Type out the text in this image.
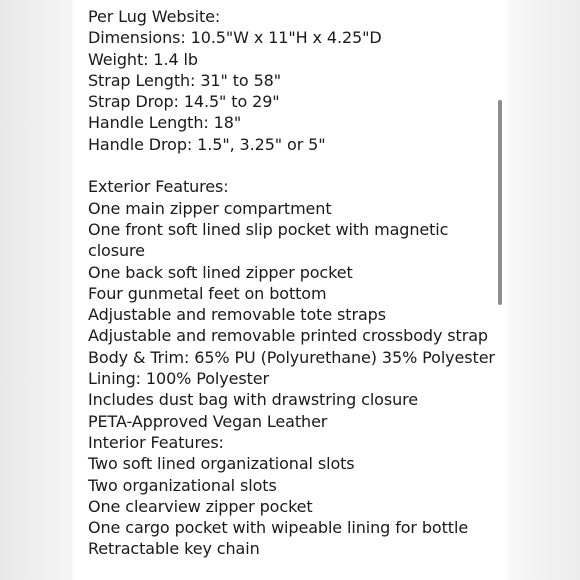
Per Lug Website:
Dimensions: 10.5"W x 11"H x 4.25"D
Weight: 1.4 lb
Strap Length: 31" to 58"
Strap Drop: 14.5" to 29"
Handle Length: 18"
Handle Drop: 1.5", 3.25" or 5"
Exterior Features:
One main zipper compartment
One front soft lined slip pocket with magnetic closure
One back soft lined zipper pocket
Four gunmetal feet on bottom
Adjustable and removable tote straps
Adjustable and removable printed crossbody strap
Body & Trim: 65% PU (Polyurethane) 35% Polyester
Lining: 100% Polyester
Includes dust bag with drawstring closure
PETA-Approved Vegan Leather
Interior Features:
Two soft lined organizational slots
Two organizational slots
One clearview zipper pocket
One cargo pocket with wipeable lining for bottle
Retractable key chain
